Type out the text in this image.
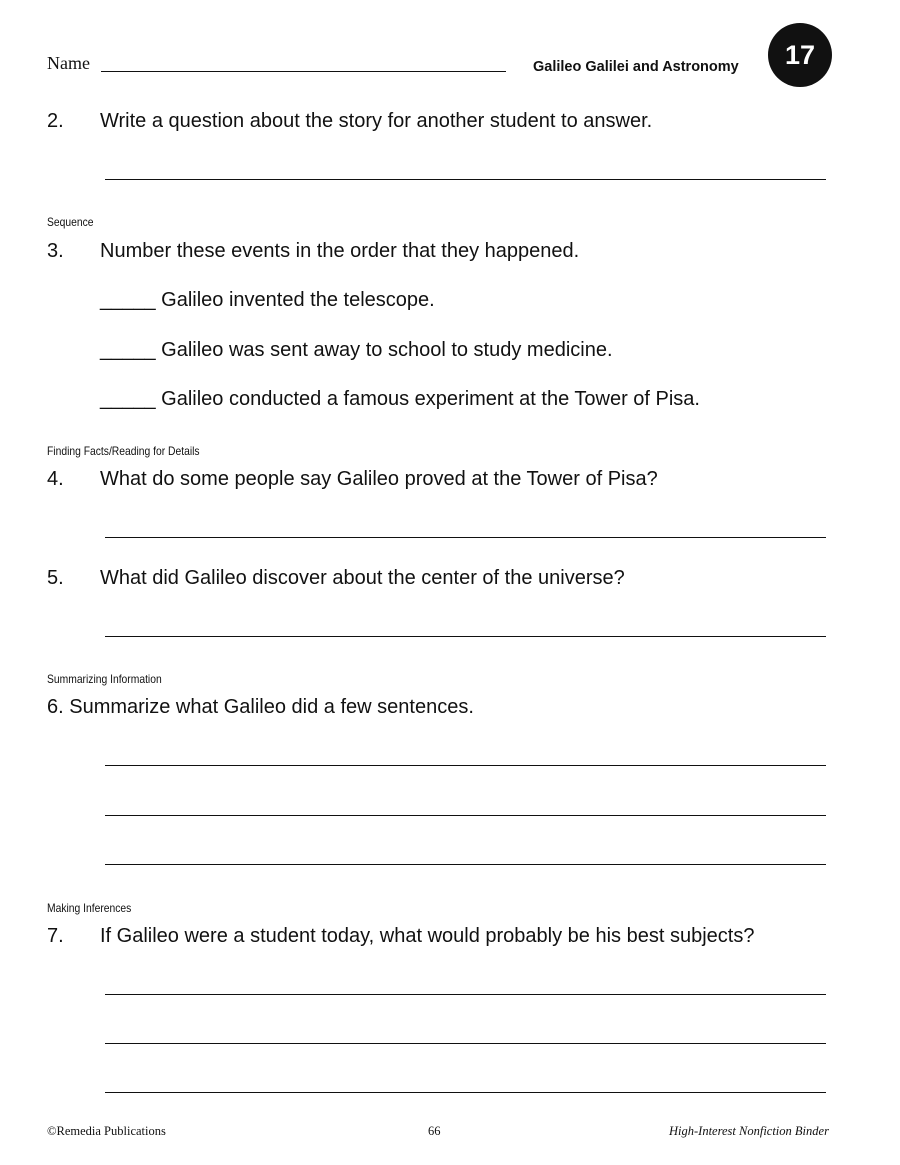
Name	Galileo Galilei and Astronomy	17
2. Write a question about the story for another student to answer.
Sequence
3. Number these events in the order that they happened.
_____ Galileo invented the telescope.
_____ Galileo was sent away to school to study medicine.
_____ Galileo conducted a famous experiment at the Tower of Pisa.
Finding Facts/Reading for Details
4. What do some people say Galileo proved at the Tower of Pisa?
5. What did Galileo discover about the center of the universe?
Summarizing Information
6. Summarize what Galileo did a few sentences.
Making Inferences
7. If Galileo were a student today, what would probably be his best subjects?
©Remedia Publications	66	High-Interest Nonfiction Binder
